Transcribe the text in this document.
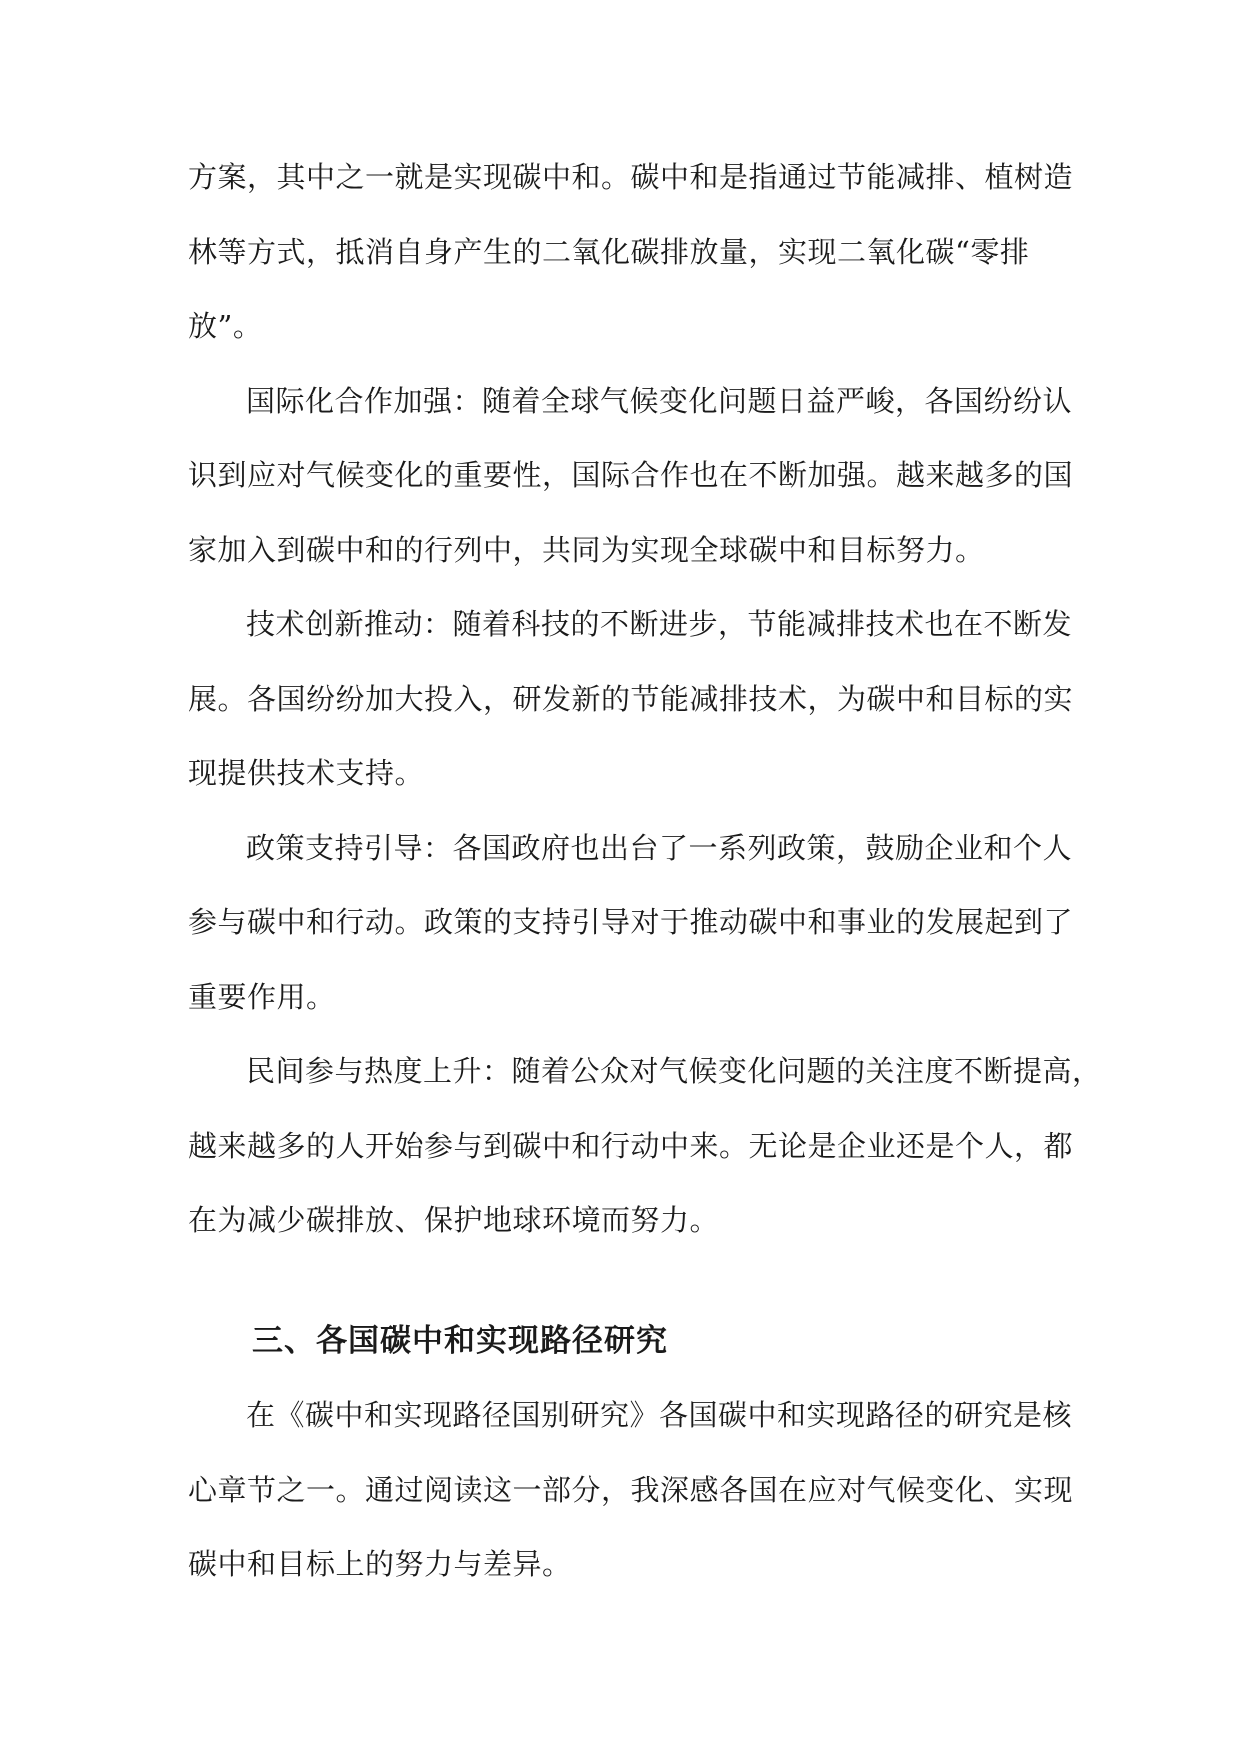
方案，其中之一就是实现碳中和。碳中和是指通过节能减排、植树造
林等方式，抵消自身产生的二氧化碳排放量，实现二氧化碳“零排
放”。
国际化合作加强：随着全球气候变化问题日益严峻，各国纷纷认
识到应对气候变化的重要性，国际合作也在不断加强。越来越多的国
家加入到碳中和的行列中，共同为实现全球碳中和目标努力。
技术创新推动：随着科技的不断进步，节能减排技术也在不断发
展。各国纷纷加大投入，研发新的节能减排技术，为碳中和目标的实
现提供技术支持。
政策支持引导：各国政府也出台了一系列政策，鼓励企业和个人
参与碳中和行动。政策的支持引导对于推动碳中和事业的发展起到了
重要作用。
民间参与热度上升：随着公众对气候变化问题的关注度不断提高，
越来越多的人开始参与到碳中和行动中来。无论是企业还是个人，都
在为减少碳排放、保护地球环境而努力。
三、各国碳中和实现路径研究
在《碳中和实现路径国别研究》各国碳中和实现路径的研究是核
心章节之一。通过阅读这一部分，我深感各国在应对气候变化、实现
碳中和目标上的努力与差异。
